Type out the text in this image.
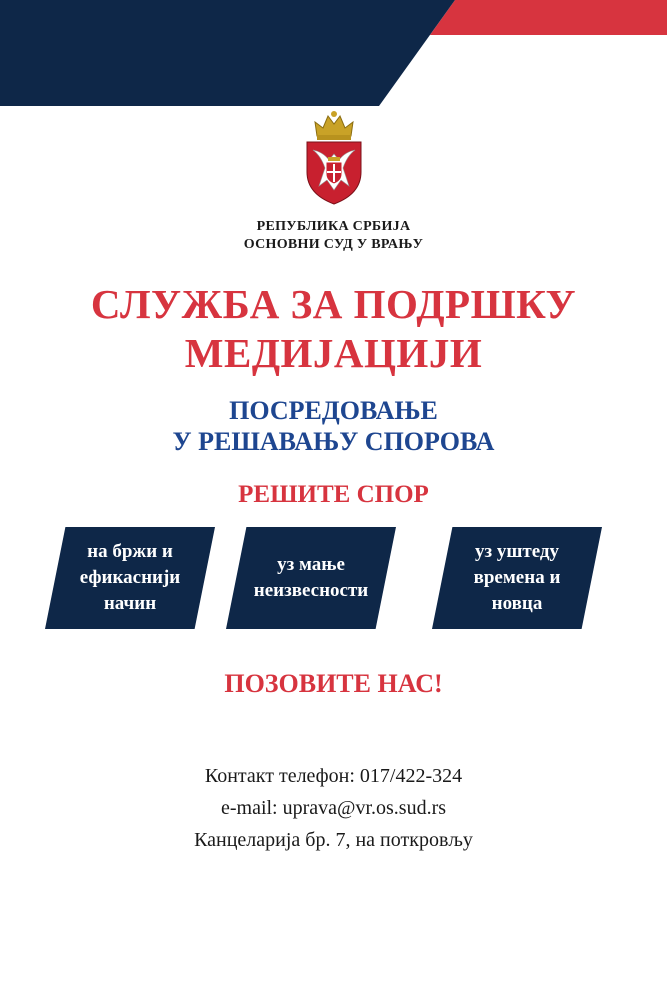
РЕПУБЛИКА СРБИЈА
ОСНОВНИ СУД У ВРАЊУ
СЛУЖБА ЗА ПОДРШКУ
МЕДИЈАЦИЈИ
ПОСРЕДОВАЊЕ
У РЕШАВАЊУ СПОРОВА
РЕШИТЕ СПОР
на бржи и
ефикаснији
начин
уз мање
неизвесности
уз уштеду
времена и
новца
ПОЗОВИТЕ НАС!
Контакт телефон: 017/422-324
e-mail: uprava@vr.os.sud.rs
Канцеларија бр. 7, на поткровљу
